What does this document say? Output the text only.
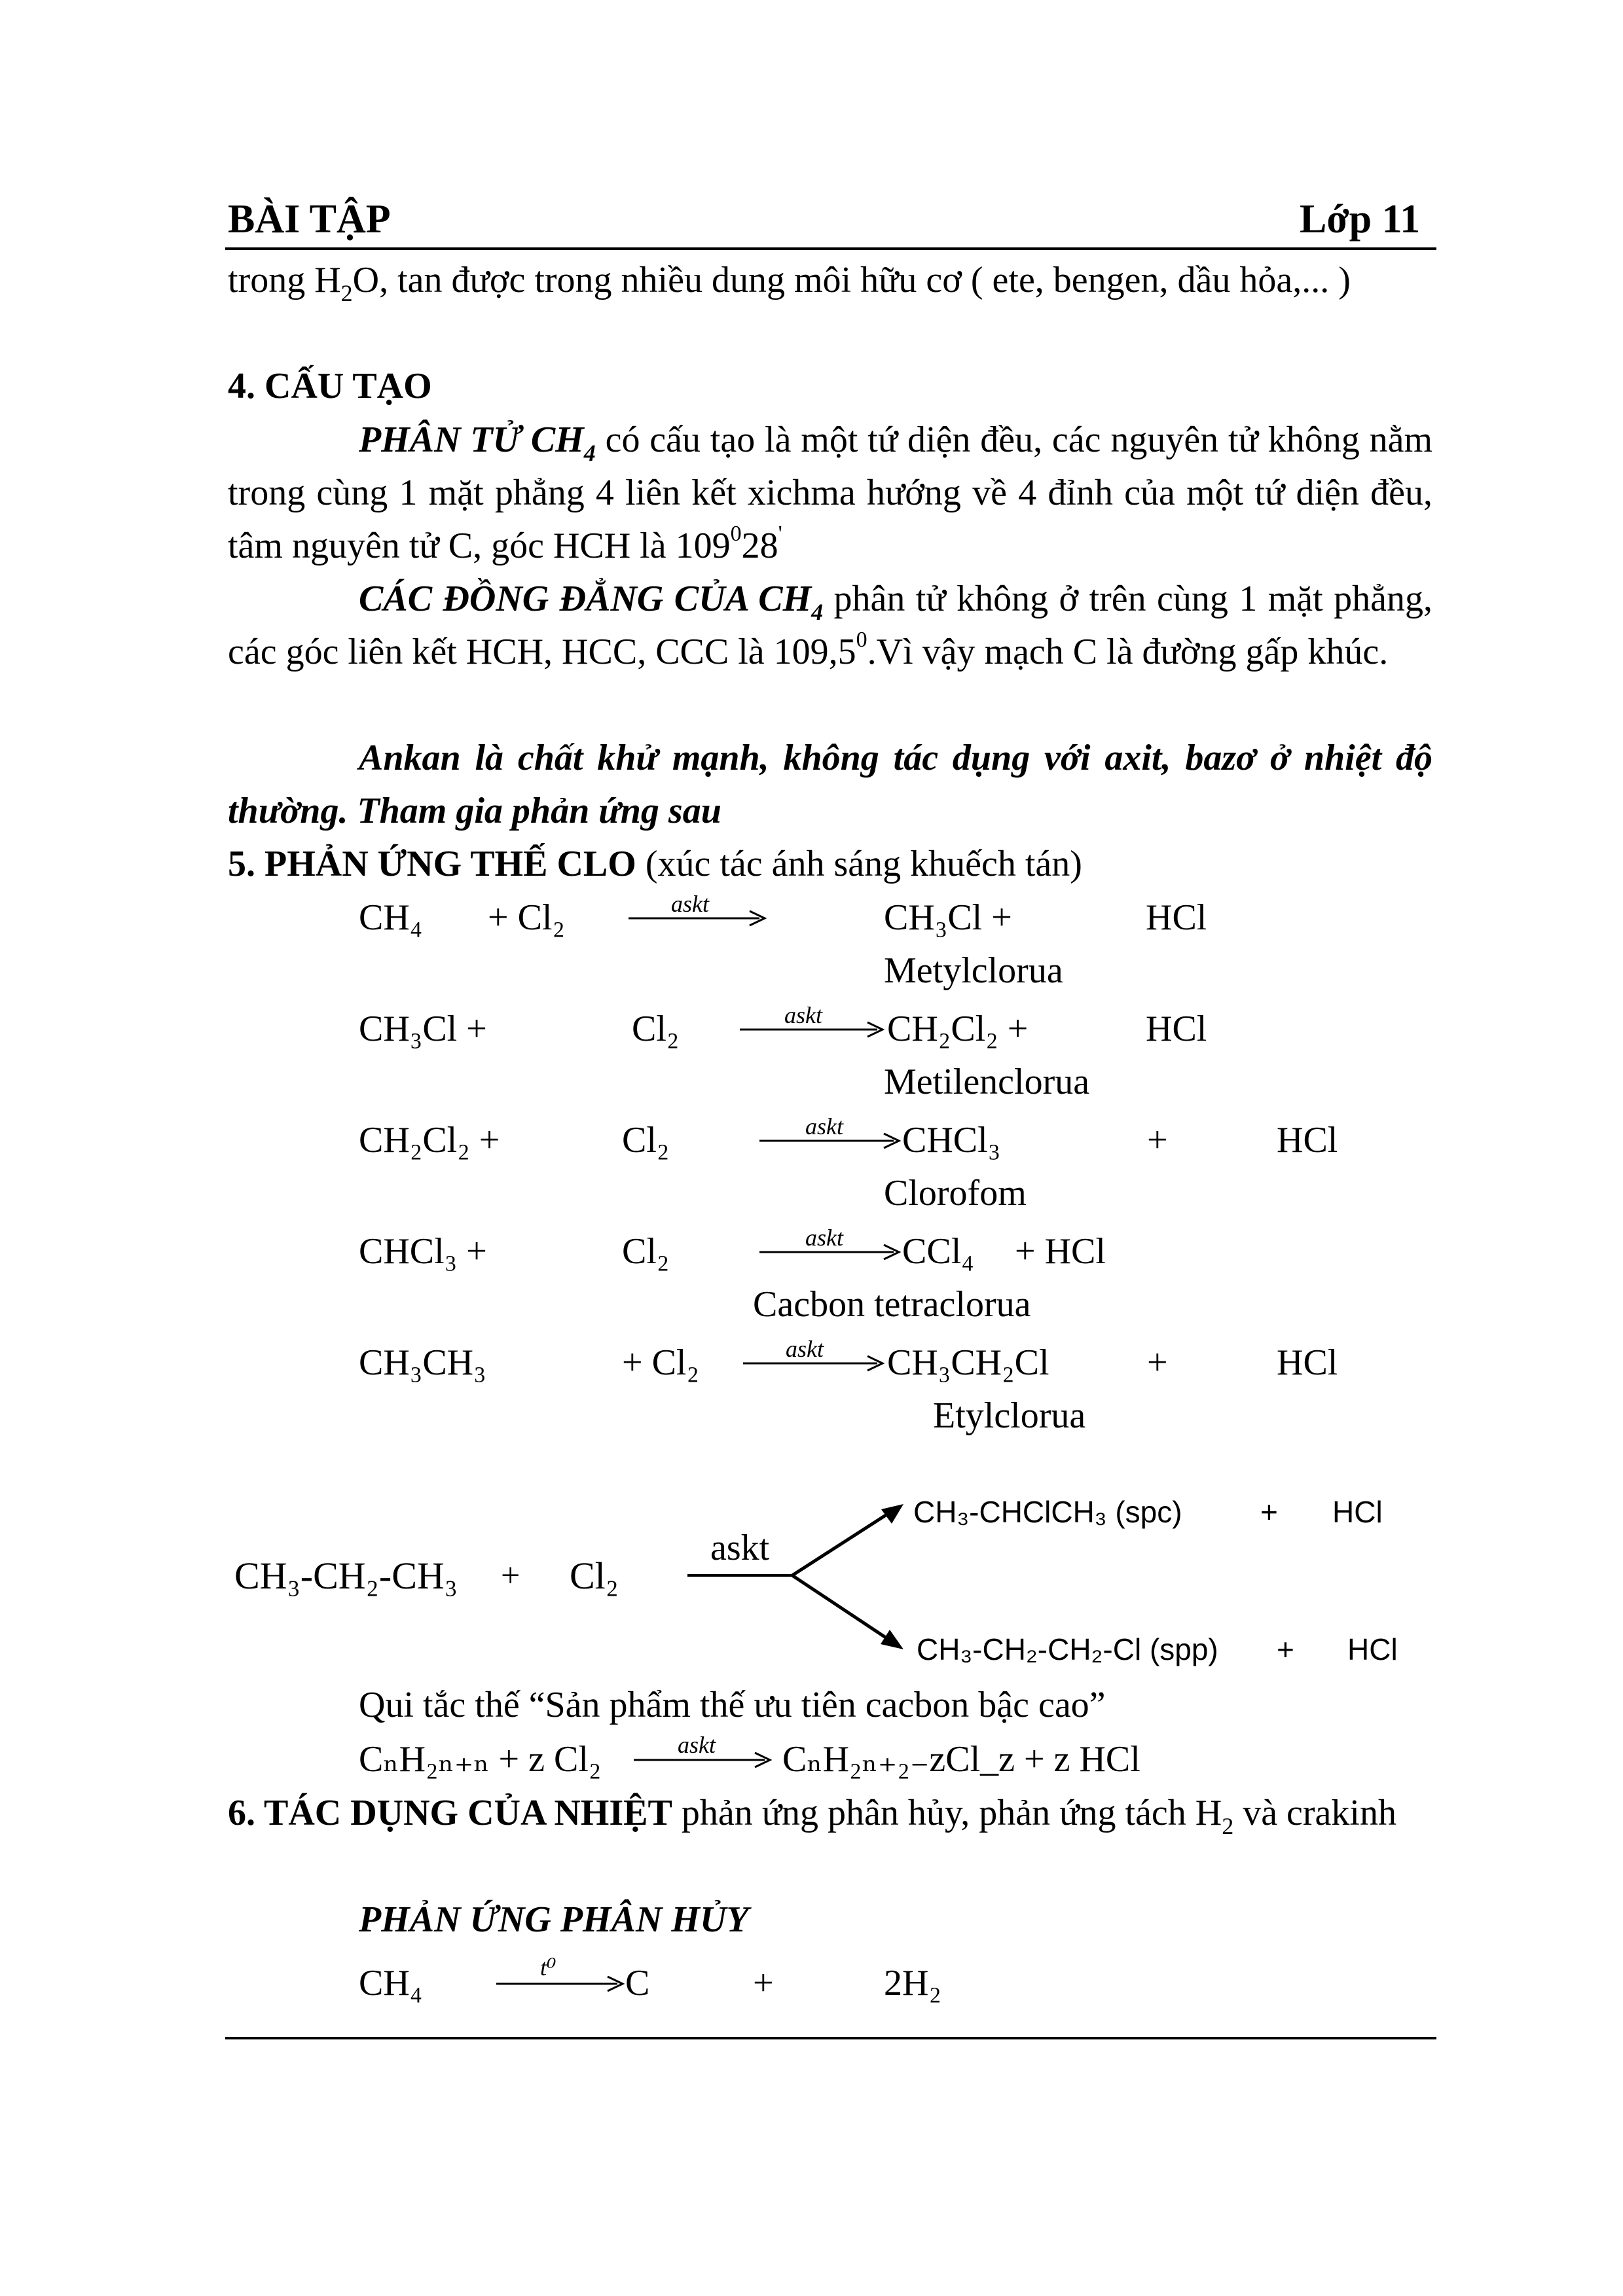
BÀI TẬP	Lớp 11
trong $H_2O$, tan được trong nhiều dung môi hữu cơ ( ete, bengen, dầu hỏa,... )
4. CẤU TẠO
PHÂN TỬ $CH_4$ có cấu tạo là một tứ diện đều, các nguyên tử không nằm trong cùng 1 mặt phẳng 4 liên kết xichma hướng về 4 đỉnh của một tứ diện đều, tâm nguyên tử C, góc HCH là $109^028'$
CÁC ĐỒNG ĐẲNG CỦA $CH_4$ phân tử không ở trên cùng 1 mặt phẳng, các góc liên kết HCH, HCC, CCC là 109,5$^0$.Vì vậy mạch C là đường gấp khúc.
Ankan là chất khử mạnh, không tác dụng với axit, bazơ ở nhiệt độ thường. Tham gia phản ứng sau
5. PHẢN ỨNG THẾ CLO (xúc tác ánh sáng khuếch tán)
CH₄ + Cl₂	askt	CH₃Cl +	HCl
Metylclorua
CH₃Cl +	Cl₂	askt CH₂Cl₂ +	HCl
Metilenclorua
CH₂Cl₂ +	Cl₂	askt CHCl₃	+	HCl
Clorofom
CHCl₃ +	Cl₂	askt CCl₄ + HCl
Cacbon tetraclorua
CH₃CH₃	+ Cl₂	askt CH₃CH₂Cl	+	HCl
Etylclorua
CH₃-CH₂-CH₃ + Cl₂
askt
CH₃-CHClCH₃ (spc)	+ HCl
CH₃-CH₂-CH₂-Cl (spp) + HCl
Qui tắc thế “Sản phẩm thế ưu tiên cacbon bậc cao”
CₙH₂ₙ₊ₙ + z Cl₂	askt CₙH₂ₙ₊₂₋zCl_z + z HCl
6. TÁC DỤNG CỦA NHIỆT phản ứng phân hủy, phản ứng tách $H_2$ và crakinh
PHẢN ỨNG PHÂN HỦY
CH₄	t⁰ C	+	2H₂
